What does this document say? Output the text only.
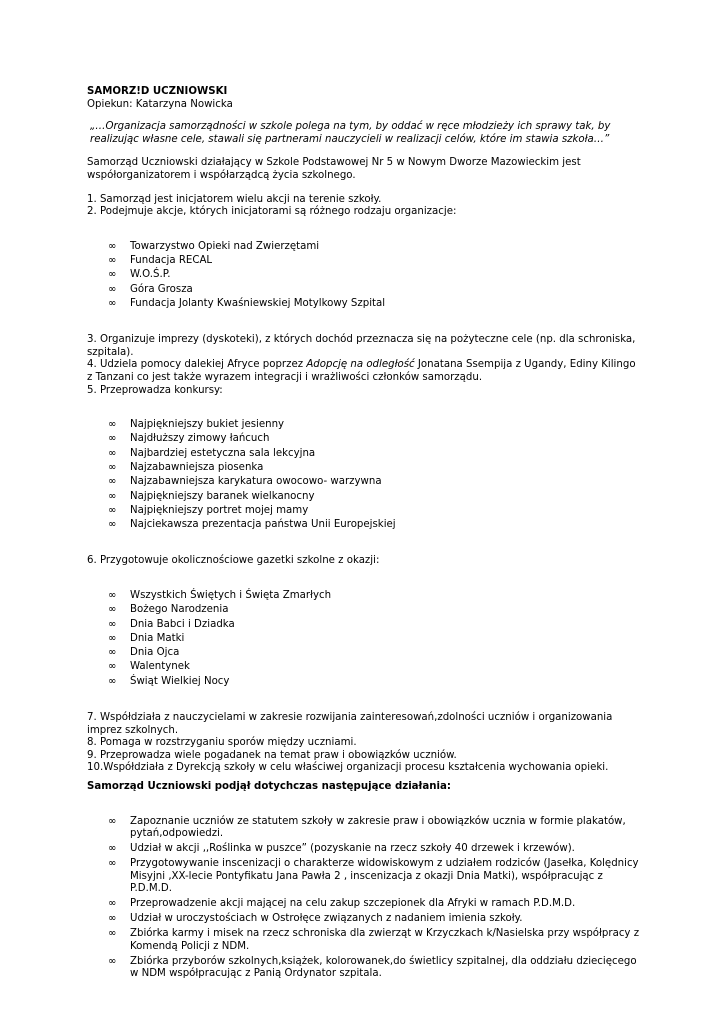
SAMORZ!D UCZNIOWSKI

Opiekun: Katarzyna Nowicka

„…Organizacja samorządności w szkole polega na tym, by oddać w ręce młodzieży ich sprawy tak, by realizując własne cele, stawali się partnerami nauczycieli w realizacji celów, które im stawia szkoła…”

Samorząd Uczniowski działający w Szkole Podstawowej Nr 5 w Nowym Dworze Mazowieckim jest współorganizatorem i współarządcą życia szkolnego.

1. Samorząd jest inicjatorem wielu akcji na terenie szkoły.

2. Podejmuje akcje, których inicjatorami są różnego rodzaju organizacje:

∞ Towarzystwo Opieki nad Zwierzętami
∞ Fundacja RECAL
∞ W.O.Ś.P.
∞ Góra Grosza
∞ Fundacja Jolanty Kwaśniewskiej Motylkowy Szpital

3. Organizuje imprezy (dyskoteki), z których dochód przeznacza się na pożyteczne cele (np. dla schroniska, szpitala).

4. Udziela pomocy dalekiej Afryce poprzez Adopcję na odległość Jonatana Ssempija z Ugandy, Ediny Kilingo z Tanzani co jest także wyrazem integracji i wrażliwości członków samorządu.

5. Przeprowadza konkursy:

∞ Najpiękniejszy bukiet jesienny
∞ Najdłuższy zimowy łańcuch
∞ Najbardziej estetyczna sala lekcyjna
∞ Najzabawniejsza piosenka
∞ Najzabawniejsza karykatura owocowo- warzywna
∞ Najpiękniejszy baranek wielkanocny
∞ Najpiękniejszy portret mojej mamy
∞ Najciekawsza prezentacja państwa Unii Europejskiej

6. Przygotowuje okolicznościowe gazetki szkolne z okazji:

∞ Wszystkich Świętych i Święta Zmarłych
∞ Bożego Narodzenia
∞ Dnia Babci i Dziadka
∞ Dnia Matki
∞ Dnia Ojca
∞ Walentynek
∞ Świąt Wielkiej Nocy

7. Współdziała z nauczycielami w zakresie rozwijania zainteresowań,zdolności uczniów i organizowania imprez szkolnych.

8. Pomaga w rozstrzyganiu sporów między uczniami.

9. Przeprowadza wiele pogadanek na temat praw i obowiązków uczniów.

10.Współdziała z Dyrekcją szkoły w celu właściwej organizacji procesu kształcenia wychowania opieki.

Samorząd Uczniowski podjął dotychczas następujące działania:

∞ Zapoznanie uczniów ze statutem szkoły w zakresie praw i obowiązków ucznia w formie plakatów, pytań,odpowiedzi.
∞ Udział w akcji ,,Roślinka w puszce” (pozyskanie na rzecz szkoły 40 drzewek i krzewów).
∞ Przygotowywanie inscenizacji o charakterze widowiskowym z udziałem rodziców (Jasełka, Kolędnicy Misyjni ,XX-lecie Pontyfikatu Jana Pawła 2 , inscenizacja z okazji Dnia Matki), współpracując z P.D.M.D.
∞ Przeprowadzenie akcji mającej na celu zakup szczepionek dla Afryki w ramach P.D.M.D.
∞ Udział w uroczystościach w Ostrołęce związanych z nadaniem imienia szkoły.
∞ Zbiórka karmy i misek na rzecz schroniska dla zwierząt w Krzyczkach k/Nasielska przy współpracy z Komendą Policji z NDM.
∞ Zbiórka przyborów szkolnych,książek, kolorowanek,do świetlicy szpitalnej, dla oddziału dziecięcego w NDM współpracując z Panią Ordynator szpitala.
